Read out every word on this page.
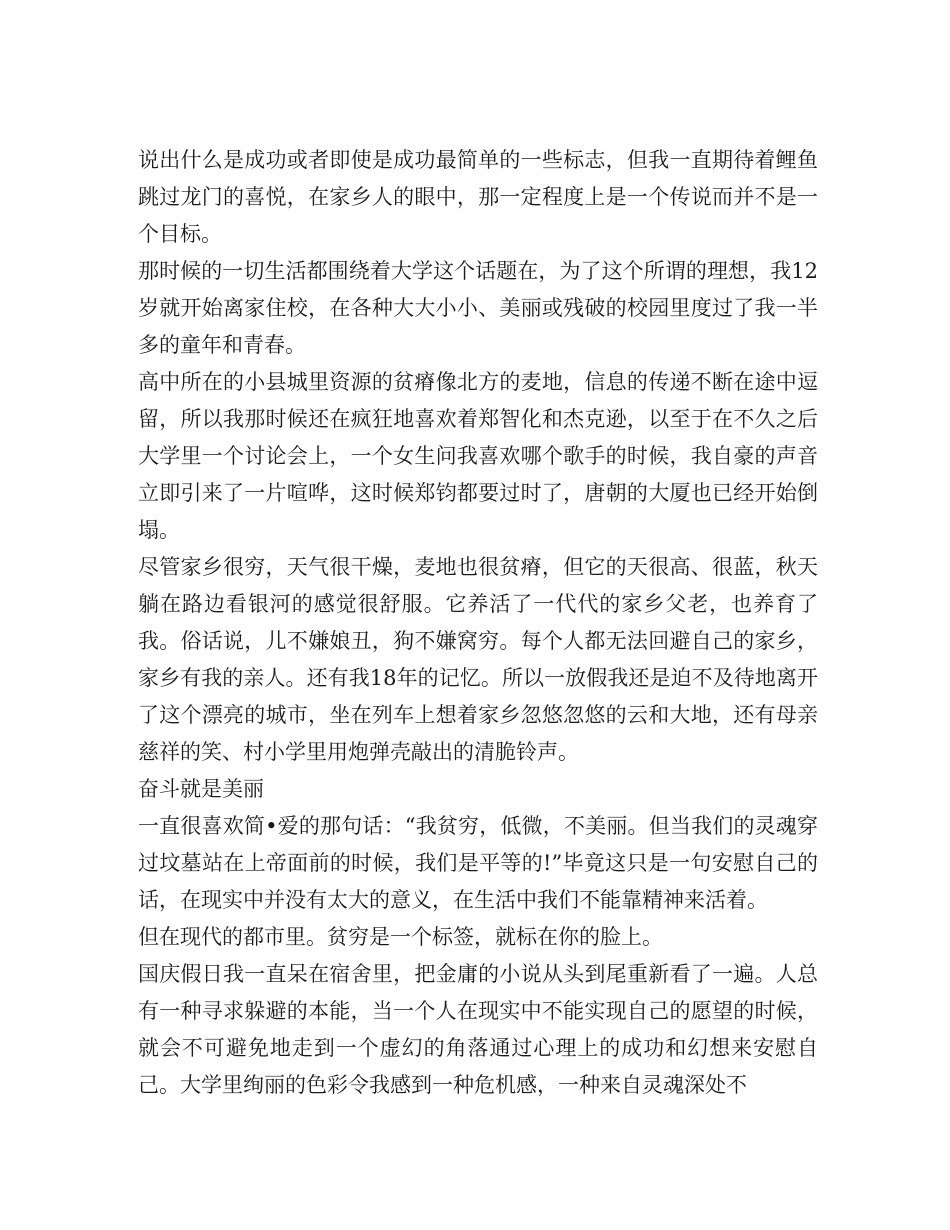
说出什么是成功或者即使是成功最简单的一些标志，但我一直期待着鲤鱼跳过龙门的喜悦，在家乡人的眼中，那一定程度上是一个传说而并不是一个目标。

那时候的一切生活都围绕着大学这个话题在，为了这个所谓的理想，我12岁就开始离家住校，在各种大大小小、美丽或残破的校园里度过了我一半多的童年和青春。

高中所在的小县城里资源的贫瘠像北方的麦地，信息的传递不断在途中逗留，所以我那时候还在疯狂地喜欢着郑智化和杰克逊，以至于在不久之后大学里一个讨论会上，一个女生问我喜欢哪个歌手的时候，我自豪的声音立即引来了一片喧哗，这时候郑钧都要过时了，唐朝的大厦也已经开始倒塌。

尽管家乡很穷，天气很干燥，麦地也很贫瘠，但它的天很高、很蓝，秋天躺在路边看银河的感觉很舒服。它养活了一代代的家乡父老，也养育了我。俗话说，儿不嫌娘丑，狗不嫌窝穷。每个人都无法回避自己的家乡，家乡有我的亲人。还有我18年的记忆。所以一放假我还是迫不及待地离开了这个漂亮的城市，坐在列车上想着家乡忽悠忽悠的云和大地，还有母亲慈祥的笑、村小学里用炮弹壳敲出的清脆铃声。

奋斗就是美丽

一直很喜欢简•爱的那句话：“我贫穷，低微，不美丽。但当我们的灵魂穿过坟墓站在上帝面前的时候，我们是平等的!”毕竟这只是一句安慰自己的话，在现实中并没有太大的意义，在生活中我们不能靠精神来活着。

但在现代的都市里。贫穷是一个标签，就标在你的脸上。

国庆假日我一直呆在宿舍里，把金庸的小说从头到尾重新看了一遍。人总有一种寻求躲避的本能，当一个人在现实中不能实现自己的愿望的时候，就会不可避免地走到一个虚幻的角落通过心理上的成功和幻想来安慰自己。大学里绚丽的色彩令我感到一种危机感，一种来自灵魂深处不
